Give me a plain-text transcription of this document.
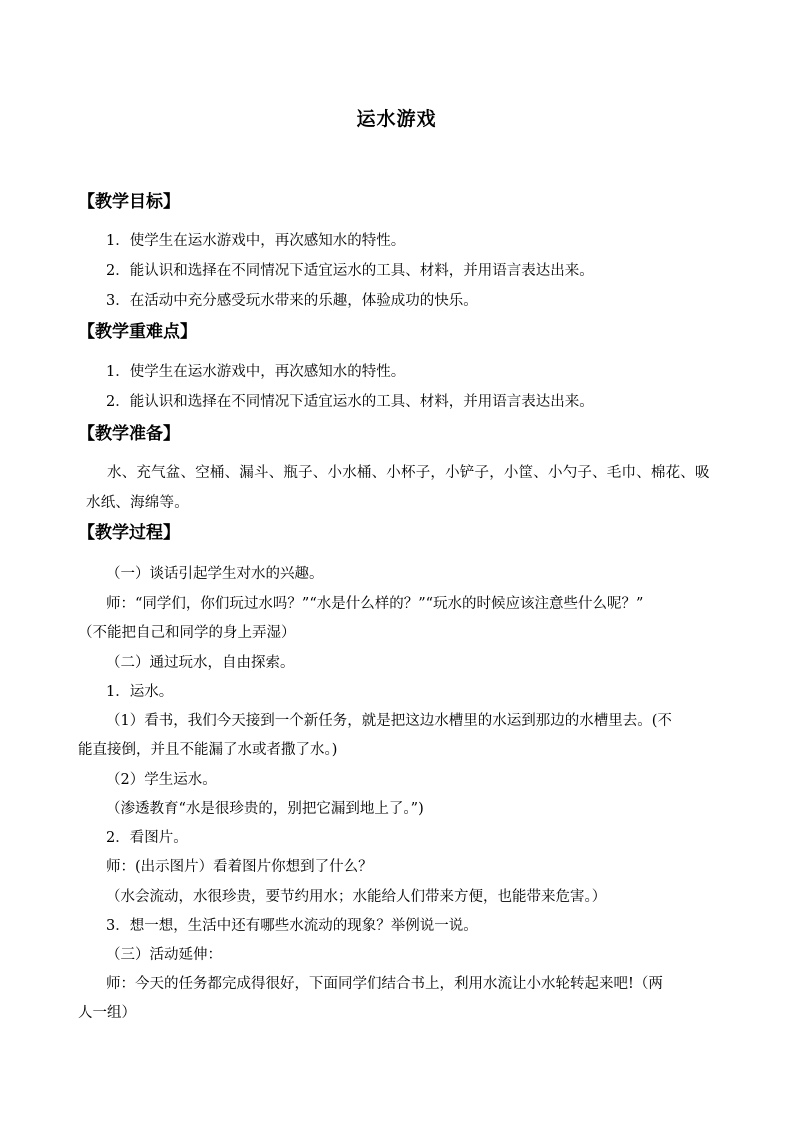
运水游戏
【教学目标】
1．使学生在运水游戏中，再次感知水的特性。
2．能认识和选择在不同情况下适宜运水的工具、材料，并用语言表达出来。
3．在活动中充分感受玩水带来的乐趣，体验成功的快乐。
【教学重难点】
1．使学生在运水游戏中，再次感知水的特性。
2．能认识和选择在不同情况下适宜运水的工具、材料，并用语言表达出来。
【教学准备】
水、充气盆、空桶、漏斗、瓶子、小水桶、小杯子，小铲子，小筐、小勺子、毛巾、棉花、吸水纸、海绵等。
【教学过程】
（一）谈话引起学生对水的兴趣。
师：“同学们，你们玩过水吗？”“水是什么样的？”“玩水的时候应该注意些什么呢？”
（不能把自己和同学的身上弄湿）
（二）通过玩水，自由探索。
1．运水。
（1）看书，我们今天接到一个新任务，就是把这边水槽里的水运到那边的水槽里去。(不
能直接倒，并且不能漏了水或者撒了水。)
（2）学生运水。
（渗透教育“水是很珍贵的，别把它漏到地上了。”)
2．看图片。
师：(出示图片）看着图片你想到了什么？
（水会流动，水很珍贵，要节约用水；水能给人们带来方便，也能带来危害。）
3．想一想，生活中还有哪些水流动的现象？举例说一说。
（三）活动延伸：
师：今天的任务都完成得很好，下面同学们结合书上，利用水流让小水轮转起来吧!（两
人一组）
